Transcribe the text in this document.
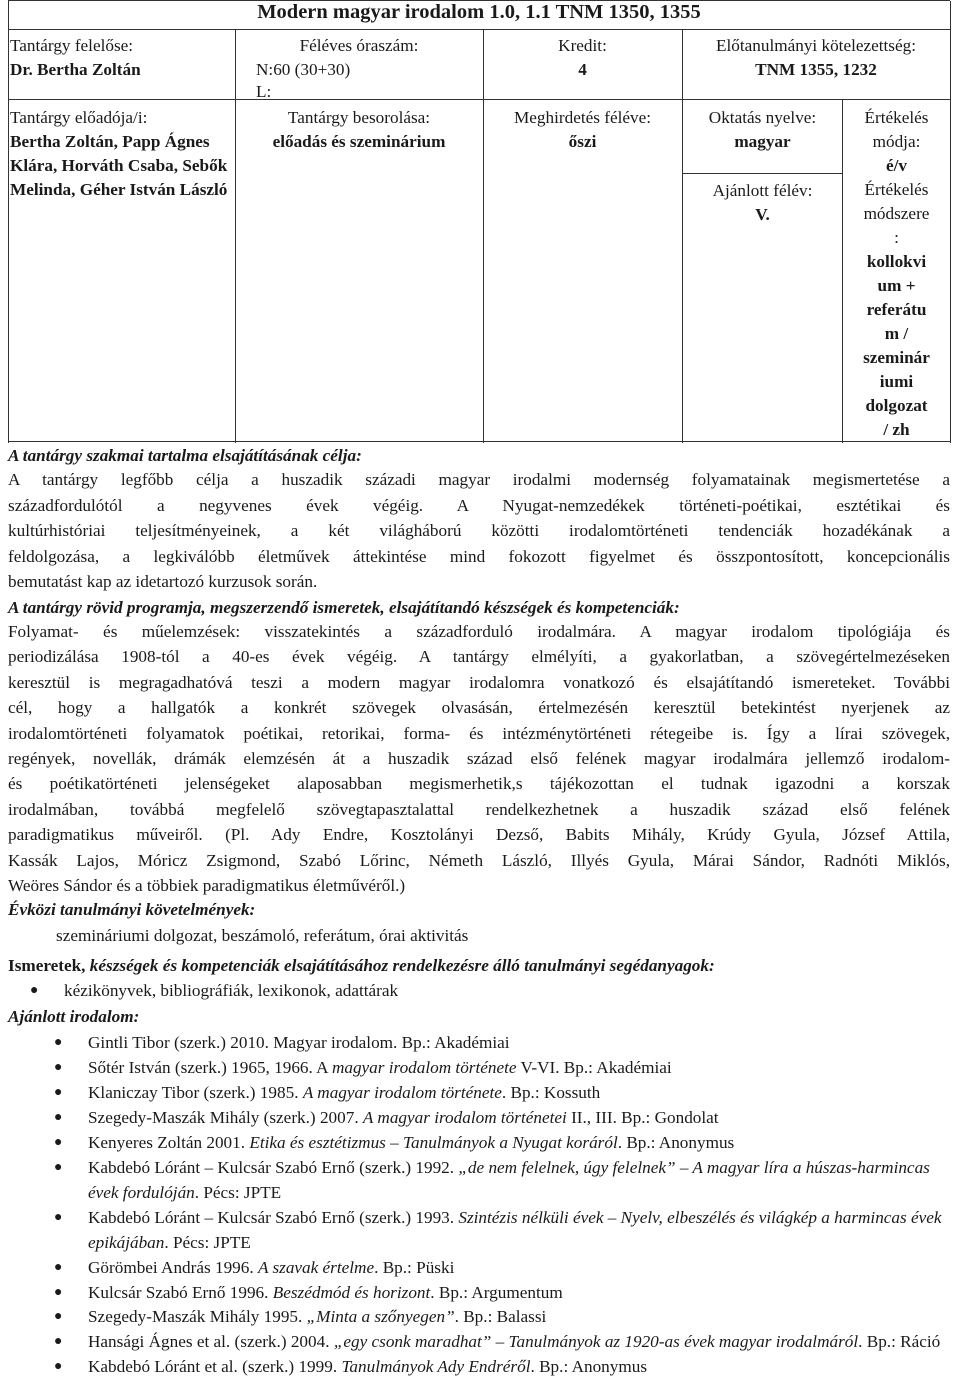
Modern magyar irodalom 1.0, 1.1 TNM 1350, 1355
Tantárgy felelőse:
Dr. Bertha Zoltán
Tantárgy előadója/i:
Bertha Zoltán, Papp Ágnes Klára, Horváth Csaba, Sebők Melinda, Géher István László
Féléves óraszám:
N:60 (30+30)
L:
Tantárgy besorolása:
előadás és szeminárium
Kredit:
4
Meghirdetés féléve:
őszi
Előtanulmányi kötelezettség:
TNM 1355, 1232
Oktatás nyelve:
magyar
Ajánlott félév:
V.
Értékelés
módja:
é/v
Értékelés
módszere
:
kollokvi
um +
referátu
m /
szeminár
iumi
dolgozat
/ zh

A tantárgy szakmai tartalma elsajátításának célja:

A tantárgy legfőbb célja a huszadik századi magyar irodalmi modernség folyamatainak megismertetése a
századfordulótól a negyvenes évek végéig. A Nyugat-nemzedékek történeti-poétikai, esztétikai és
kultúrhistóriai teljesítményeinek, a két világháború közötti irodalomtörténeti tendenciák hozadékának a
feldolgozása, a legkiválóbb életművek áttekintése mind fokozott figyelmet és összpontosított, koncepcionális
bemutatást kap az idetartozó kurzusok során.

A tantárgy rövid programja, megszerzendő ismeretek, elsajátítandó készségek és kompetenciák:

Folyamat- és műelemzések: visszatekintés a századforduló irodalmára. A magyar irodalom tipológiája és
periodizálása 1908-tól a 40-es évek végéig. A tantárgy elmélyíti, a gyakorlatban, a szövegértelmezéseken
keresztül is megragadhatóvá teszi a modern magyar irodalomra vonatkozó és elsajátítandó ismereteket. További
cél, hogy a hallgatók a konkrét szövegek olvasásán, értelmezésén keresztül betekintést nyerjenek az
irodalomtörténeti folyamatok poétikai, retorikai, forma- és intézménytörténeti rétegeibe is. Így a lírai szövegek,
regények, novellák, drámák elemzésén át a huszadik század első felének magyar irodalmára jellemző irodalom-
és poétikatörténeti jelenségeket alaposabban megismerhetik,s tájékozottan el tudnak igazodni a korszak
irodalmában, továbbá megfelelő szövegtapasztalattal rendelkezhetnek a huszadik század első felének
paradigmatikus műveiről. (Pl. Ady Endre, Kosztolányi Dezső, Babits Mihály, Krúdy Gyula, József Attila,
Kassák Lajos, Móricz Zsigmond, Szabó Lőrinc, Németh László, Illyés Gyula, Márai Sándor, Radnóti Miklós,
Weöres Sándor és a többiek paradigmatikus életművéről.)

Évközi tanulmányi követelmények:

szemináriumi dolgozat, beszámoló, referátum, órai aktivitás

Ismeretek, készségek és kompetenciák elsajátításához rendelkezésre álló tanulmányi segédanyagok:

● kézikönyvek, bibliográfiák, lexikonok, adattárak

Ajánlott irodalom:

● Gintli Tibor (szerk.) 2010. Magyar irodalom. Bp.: Akadémiai
● Sőtér István (szerk.) 1965, 1966. A magyar irodalom története V-VI. Bp.: Akadémiai
● Klaniczay Tibor (szerk.) 1985. A magyar irodalom története. Bp.: Kossuth
● Szegedy-Maszák Mihály (szerk.) 2007. A magyar irodalom történetei II., III. Bp.: Gondolat
● Kenyeres Zoltán 2001. Etika és esztétizmus – Tanulmányok a Nyugat koráról. Bp.: Anonymus
● Kabdebó Lóránt – Kulcsár Szabó Ernő (szerk.) 1992. „de nem felelnek, úgy felelnek” – A magyar líra a húszas-harmincas évek fordulóján. Pécs: JPTE
● Kabdebó Lóránt – Kulcsár Szabó Ernő (szerk.) 1993. Szintézis nélküli évek – Nyelv, elbeszélés és világkép a harmincas évek epikájában. Pécs: JPTE
● Görömbei András 1996. A szavak értelme. Bp.: Püski
● Kulcsár Szabó Ernő 1996. Beszédmód és horizont. Bp.: Argumentum
● Szegedy-Maszák Mihály 1995. „Minta a szőnyegen”. Bp.: Balassi
● Hansági Ágnes et al. (szerk.) 2004. „egy csonk maradhat” – Tanulmányok az 1920-as évek magyar irodalmáról. Bp.: Ráció
● Kabdebó Lóránt et al. (szerk.) 1999. Tanulmányok Ady Endréről. Bp.: Anonymus
